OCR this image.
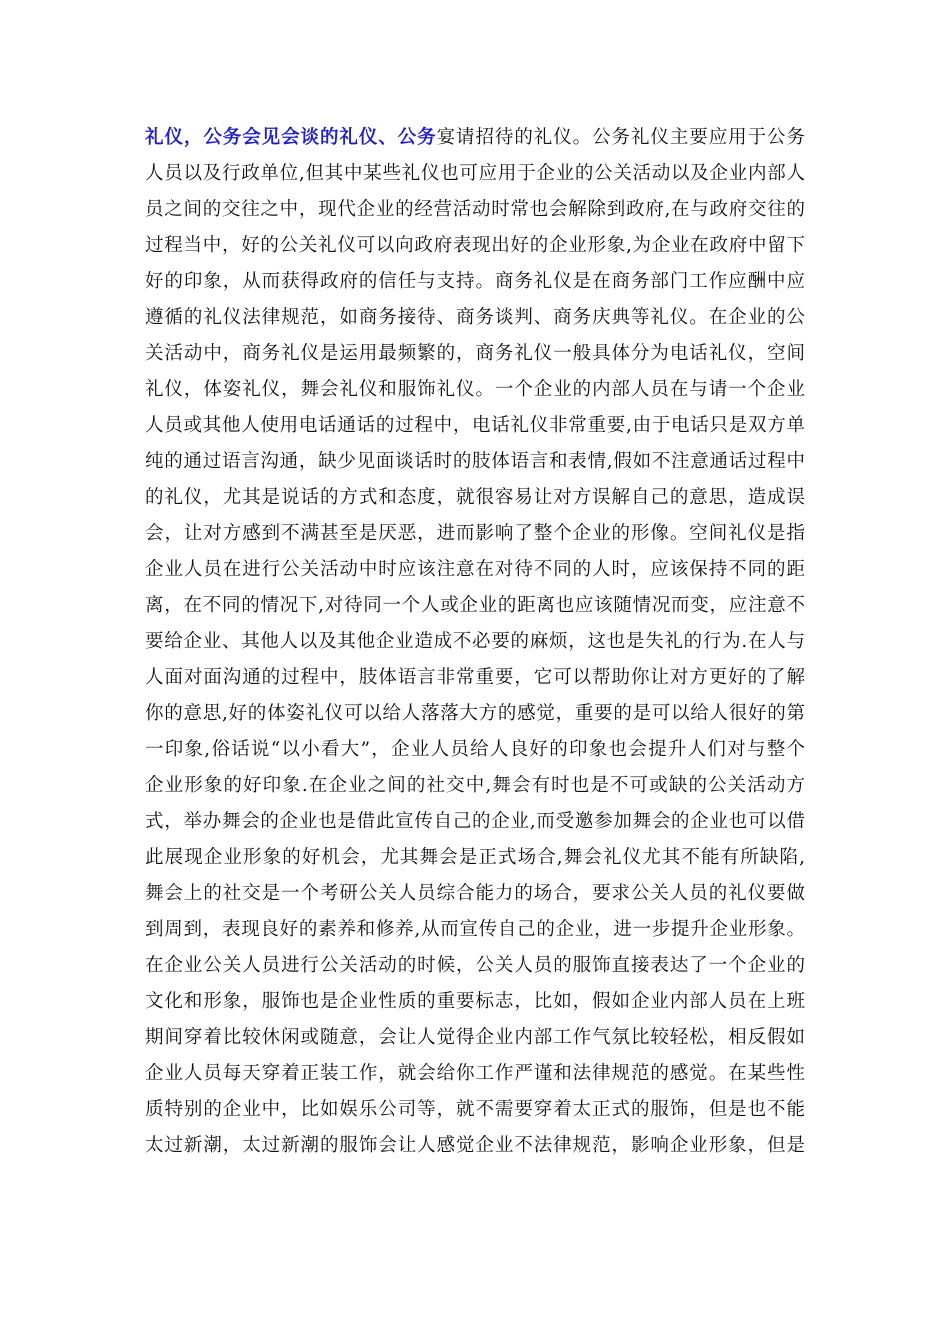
礼仪，公务会见会谈的礼仪、公务宴请招待的礼仪。公务礼仪主要应用于公务
人员以及行政单位,但其中某些礼仪也可应用于企业的公关活动以及企业内部人
员之间的交往之中，现代企业的经营活动时常也会解除到政府,在与政府交往的
过程当中，好的公关礼仪可以向政府表现出好的企业形象,为企业在政府中留下
好的印象，从而获得政府的信任与支持。商务礼仪是在商务部门工作应酬中应
遵循的礼仪法律规范，如商务接待、商务谈判、商务庆典等礼仪。在企业的公
关活动中，商务礼仪是运用最频繁的，商务礼仪一般具体分为电话礼仪，空间
礼仪，体姿礼仪，舞会礼仪和服饰礼仪。一个企业的内部人员在与请一个企业
人员或其他人使用电话通话的过程中，电话礼仪非常重要,由于电话只是双方单
纯的通过语言沟通，缺少见面谈话时的肢体语言和表情,假如不注意通话过程中
的礼仪，尤其是说话的方式和态度，就很容易让对方误解自己的意思，造成误
会，让对方感到不满甚至是厌恶，进而影响了整个企业的形像。空间礼仪是指
企业人员在进行公关活动中时应该注意在对待不同的人时，应该保持不同的距
离，在不同的情况下,对待同一个人或企业的距离也应该随情况而变，应注意不
要给企业、其他人以及其他企业造成不必要的麻烦，这也是失礼的行为.在人与
人面对面沟通的过程中，肢体语言非常重要，它可以帮助你让对方更好的了解
你的意思,好的体姿礼仪可以给人落落大方的感觉，重要的是可以给人很好的第
一印象,俗话说“以小看大”，企业人员给人良好的印象也会提升人们对与整个
企业形象的好印象.在企业之间的社交中,舞会有时也是不可或缺的公关活动方
式，举办舞会的企业也是借此宣传自己的企业,而受邀参加舞会的企业也可以借
此展现企业形象的好机会，尤其舞会是正式场合,舞会礼仪尤其不能有所缺陷,
舞会上的社交是一个考研公关人员综合能力的场合，要求公关人员的礼仪要做
到周到，表现良好的素养和修养,从而宣传自己的企业，进一步提升企业形象。
在企业公关人员进行公关活动的时候，公关人员的服饰直接表达了一个企业的
文化和形象，服饰也是企业性质的重要标志，比如，假如企业内部人员在上班
期间穿着比较休闲或随意，会让人觉得企业内部工作气氛比较轻松，相反假如
企业人员每天穿着正装工作，就会给你工作严谨和法律规范的感觉。在某些性
质特别的企业中，比如娱乐公司等，就不需要穿着太正式的服饰，但是也不能
太过新潮，太过新潮的服饰会让人感觉企业不法律规范，影响企业形象，但是
